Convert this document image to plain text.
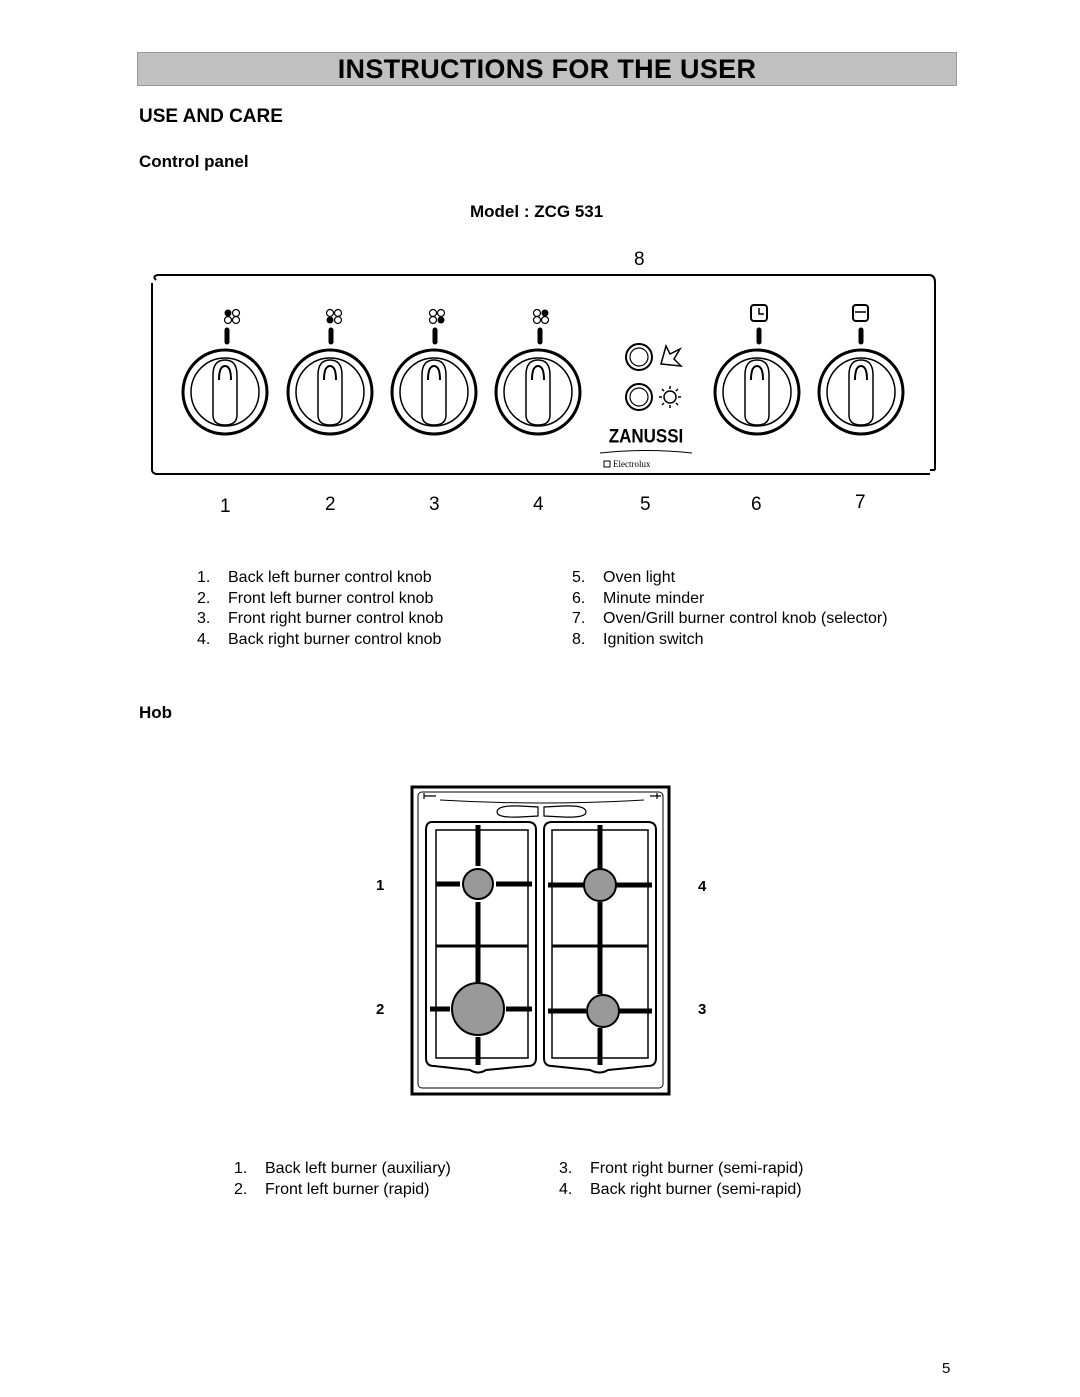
INSTRUCTIONS FOR THE USER
USE AND CARE
Control panel
Model : ZCG 531
8
1	2	3	4	5	6	7
ZANUSSI
Electrolux
1.	Back left burner control knob
2.	Front left burner control knob
3.	Front right burner control knob
4.	Back right burner control knob
5.	Oven light
6.	Minute minder
7.	Oven/Grill burner control knob (selector)
8.	Ignition switch
Hob
1
2	3
4
1.	Back left burner (auxiliary)
2.	Front left burner (rapid)
3.	Front right burner (semi-rapid)
4.	Back right burner (semi-rapid)
5
